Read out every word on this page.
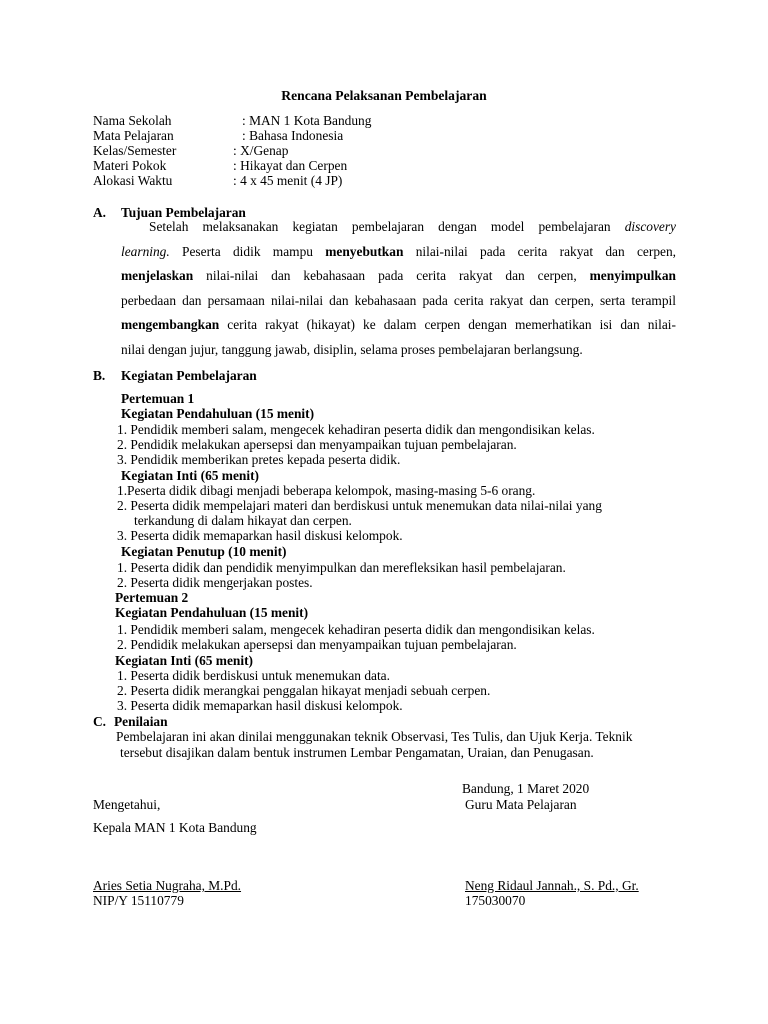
Rencana Pelaksanan Pembelajaran
Nama Sekolah	: MAN 1 Kota Bandung
Mata Pelajaran	: Bahasa Indonesia
Kelas/Semester	: X/Genap
Materi Pokok	: Hikayat dan Cerpen
Alokasi Waktu	: 4 x 45 menit (4 JP)
A. Tujuan Pembelajaran
Setelah melaksanakan kegiatan pembelajaran dengan model pembelajaran discovery
learning. Peserta didik mampu menyebutkan nilai-nilai pada cerita rakyat dan cerpen,
menjelaskan nilai-nilai dan kebahasaan pada cerita rakyat dan cerpen, menyimpulkan
perbedaan dan persamaan nilai-nilai dan kebahasaan pada cerita rakyat dan cerpen, serta terampil
mengembangkan cerita rakyat (hikayat) ke dalam cerpen dengan memerhatikan isi dan nilai-
nilai dengan jujur, tanggung jawab, disiplin, selama proses pembelajaran berlangsung.
B. Kegiatan Pembelajaran
Pertemuan 1
Kegiatan Pendahuluan (15 menit)
1. Pendidik memberi salam, mengecek kehadiran peserta didik dan mengondisikan kelas.
2. Pendidik melakukan apersepsi dan menyampaikan tujuan pembelajaran.
3. Pendidik memberikan pretes kepada peserta didik.
Kegiatan Inti (65 menit)
1.Peserta didik dibagi menjadi beberapa kelompok, masing-masing 5-6 orang.
2. Peserta didik mempelajari materi dan berdiskusi untuk menemukan data nilai-nilai yang
terkandung di dalam hikayat dan cerpen.
3. Peserta didik memaparkan hasil diskusi kelompok.
Kegiatan Penutup (10 menit)
1. Peserta didik dan pendidik menyimpulkan dan merefleksikan hasil pembelajaran.
2. Peserta didik mengerjakan postes.
Pertemuan 2
Kegiatan Pendahuluan (15 menit)
1. Pendidik memberi salam, mengecek kehadiran peserta didik dan mengondisikan kelas.
2. Pendidik melakukan apersepsi dan menyampaikan tujuan pembelajaran.
Kegiatan Inti (65 menit)
1. Peserta didik berdiskusi untuk menemukan data.
2. Peserta didik merangkai penggalan hikayat menjadi sebuah cerpen.
3. Peserta didik memaparkan hasil diskusi kelompok.
C. Penilaian
Pembelajaran ini akan dinilai menggunakan teknik Observasi, Tes Tulis, dan Ujuk Kerja. Teknik
tersebut disajikan dalam bentuk instrumen Lembar Pengamatan, Uraian, dan Penugasan.
Bandung, 1 Maret 2020
Mengetahui,	Guru Mata Pelajaran
Kepala MAN 1 Kota Bandung
Aries Setia Nugraha, M.Pd.
NIP/Y 15110779
Neng Ridaul Jannah., S. Pd., Gr.
175030070
